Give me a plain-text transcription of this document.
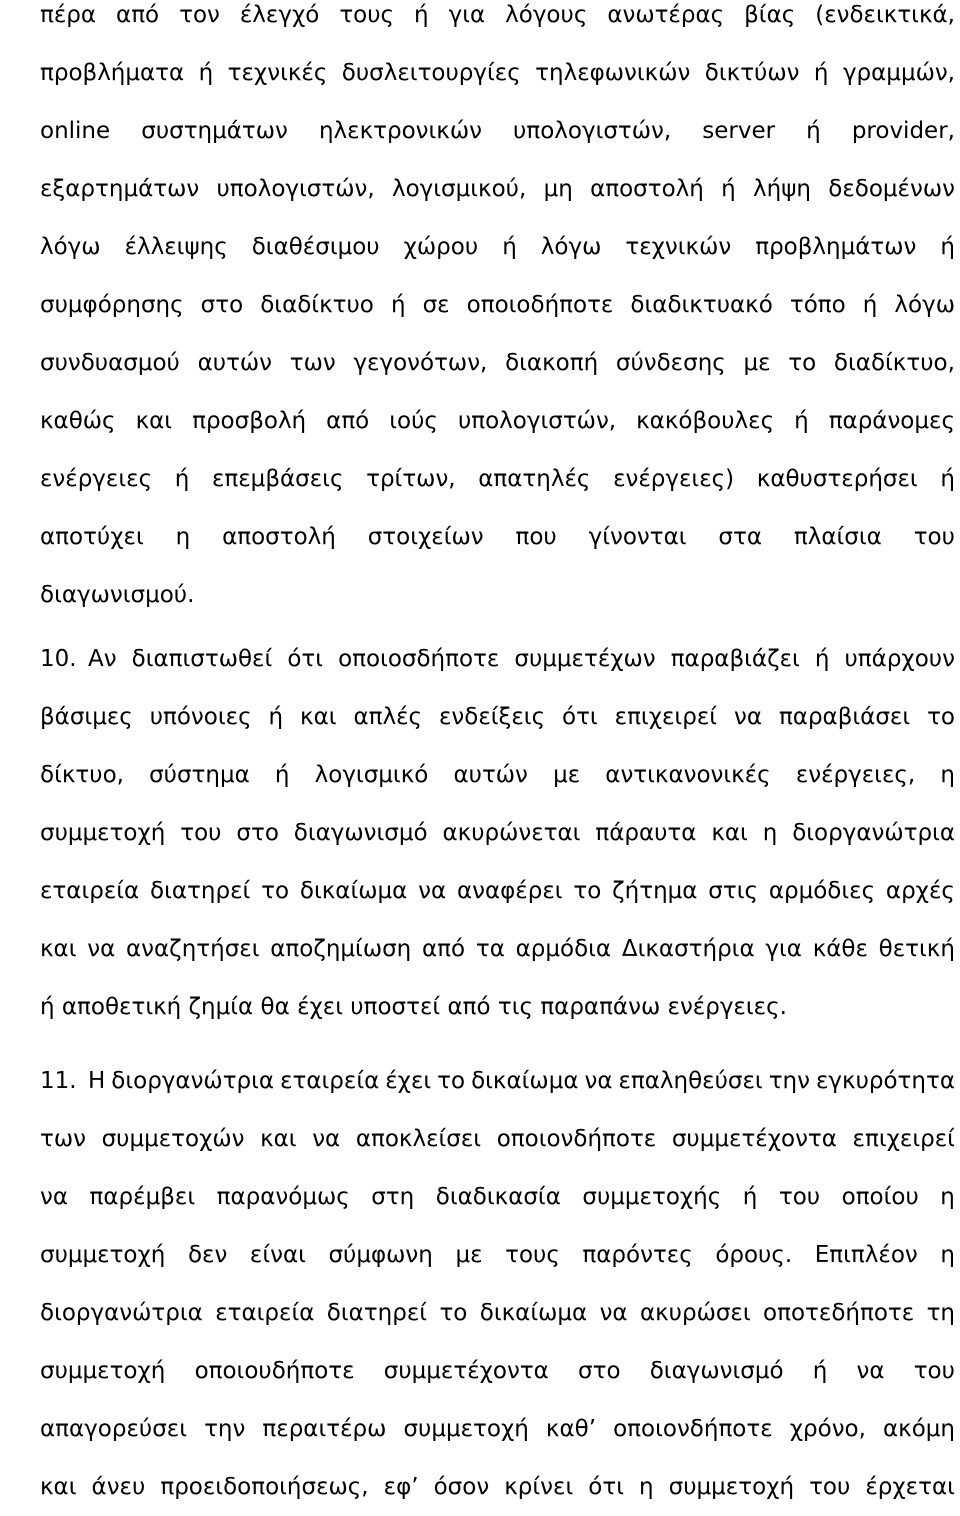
πέρα από τον έλεγχό τους ή για λόγους ανωτέρας βίας (ενδεικτικά,
προβλήματα ή τεχνικές δυσλειτουργίες τηλεφωνικών δικτύων ή γραμμών,
online συστημάτων ηλεκτρονικών υπολογιστών, server ή provider,
εξαρτημάτων υπολογιστών, λογισμικού, μη αποστολή ή λήψη δεδομένων
λόγω έλλειψης διαθέσιμου χώρου ή λόγω τεχνικών προβλημάτων ή
συμφόρησης στο διαδίκτυο ή σε οποιοδήποτε διαδικτυακό τόπο ή λόγω
συνδυασμού αυτών των γεγονότων, διακοπή σύνδεσης με το διαδίκτυο,
καθώς και προσβολή από ιούς υπολογιστών, κακόβουλες ή παράνομες
ενέργειες ή επεμβάσεις τρίτων, απατηλές ενέργειες) καθυστερήσει ή
αποτύχει η αποστολή στοιχείων που γίνονται στα πλαίσια του
διαγωνισμού.
10. Αν διαπιστωθεί ότι οποιοσδήποτε συμμετέχων παραβιάζει ή υπάρχουν
βάσιμες υπόνοιες ή και απλές ενδείξεις ότι επιχειρεί να παραβιάσει το
δίκτυο, σύστημα ή λογισμικό αυτών με αντικανονικές ενέργειες, η
συμμετοχή του στο διαγωνισμό ακυρώνεται πάραυτα και η διοργανώτρια
εταιρεία διατηρεί το δικαίωμα να αναφέρει το ζήτημα στις αρμόδιες αρχές
και να αναζητήσει αποζημίωση από τα αρμόδια Δικαστήρια για κάθε θετική
ή αποθετική ζημία θα έχει υποστεί από τις παραπάνω ενέργειες.
11. Η διοργανώτρια εταιρεία έχει το δικαίωμα να επαληθεύσει την εγκυρότητα
των συμμετοχών και να αποκλείσει οποιονδήποτε συμμετέχοντα επιχειρεί
να παρέμβει παρανόμως στη διαδικασία συμμετοχής ή του οποίου η
συμμετοχή δεν είναι σύμφωνη με τους παρόντες όρους. Επιπλέον η
διοργανώτρια εταιρεία διατηρεί το δικαίωμα να ακυρώσει οποτεδήποτε τη
συμμετοχή οποιουδήποτε συμμετέχοντα στο διαγωνισμό ή να του
απαγορεύσει την περαιτέρω συμμετοχή καθ’ οποιονδήποτε χρόνο, ακόμη
και άνευ προειδοποιήσεως, εφ’ όσον κρίνει ότι η συμμετοχή του έρχεται
